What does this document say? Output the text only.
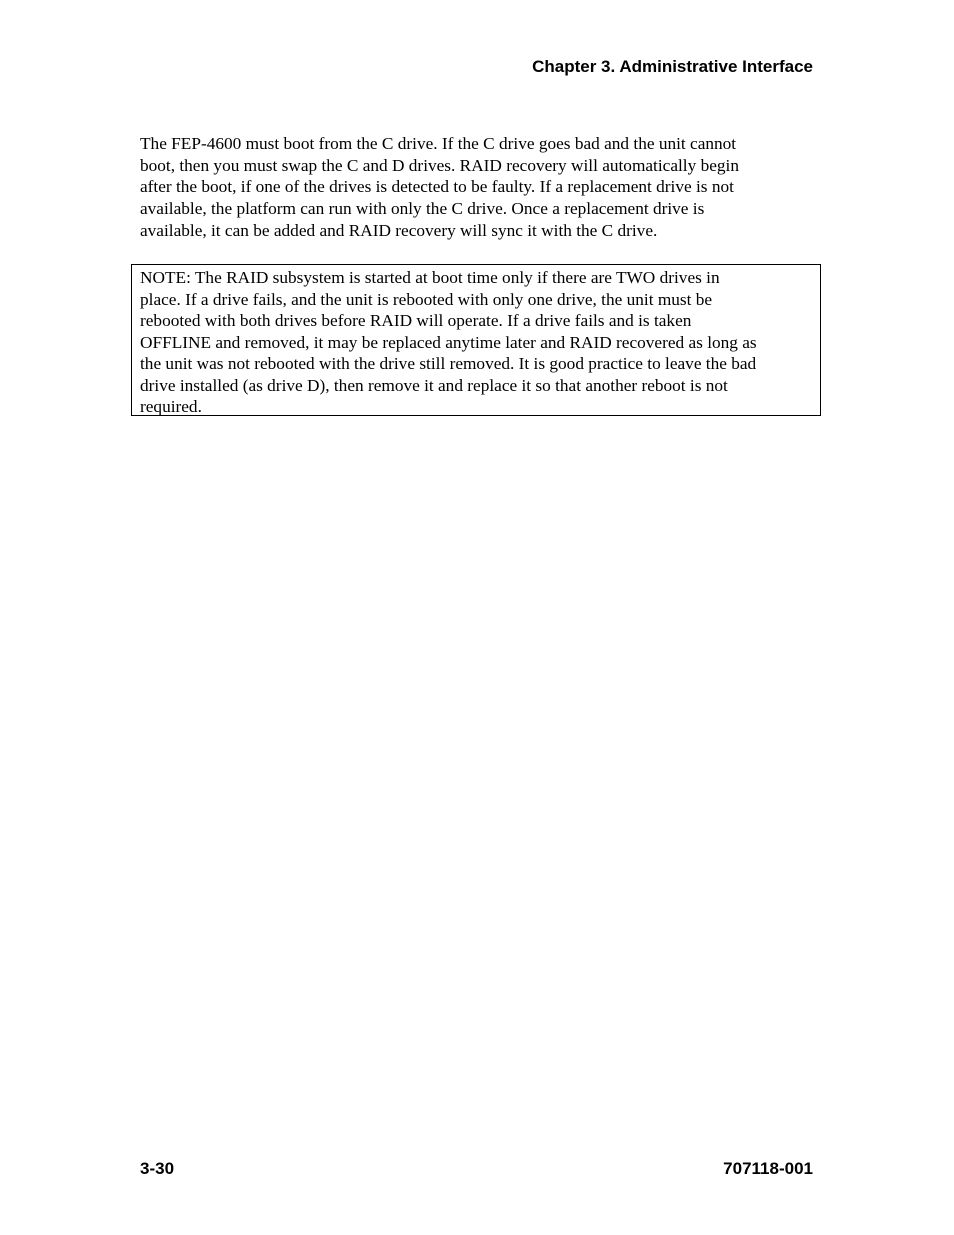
Chapter 3. Administrative Interface

The FEP-4600 must boot from the C drive. If the C drive goes bad and the unit cannot
boot, then you must swap the C and D drives. RAID recovery will automatically begin
after the boot, if one of the drives is detected to be faulty. If a replacement drive is not
available, the platform can run with only the C drive. Once a replacement drive is
available, it can be added and RAID recovery will sync it with the C drive.

NOTE: The RAID subsystem is started at boot time only if there are TWO drives in
place. If a drive fails, and the unit is rebooted with only one drive, the unit must be
rebooted with both drives before RAID will operate. If a drive fails and is taken
OFFLINE and removed, it may be replaced anytime later and RAID recovered as long as
the unit was not rebooted with the drive still removed. It is good practice to leave the bad
drive installed (as drive D), then remove it and replace it so that another reboot is not
required.

3-30	707118-001
